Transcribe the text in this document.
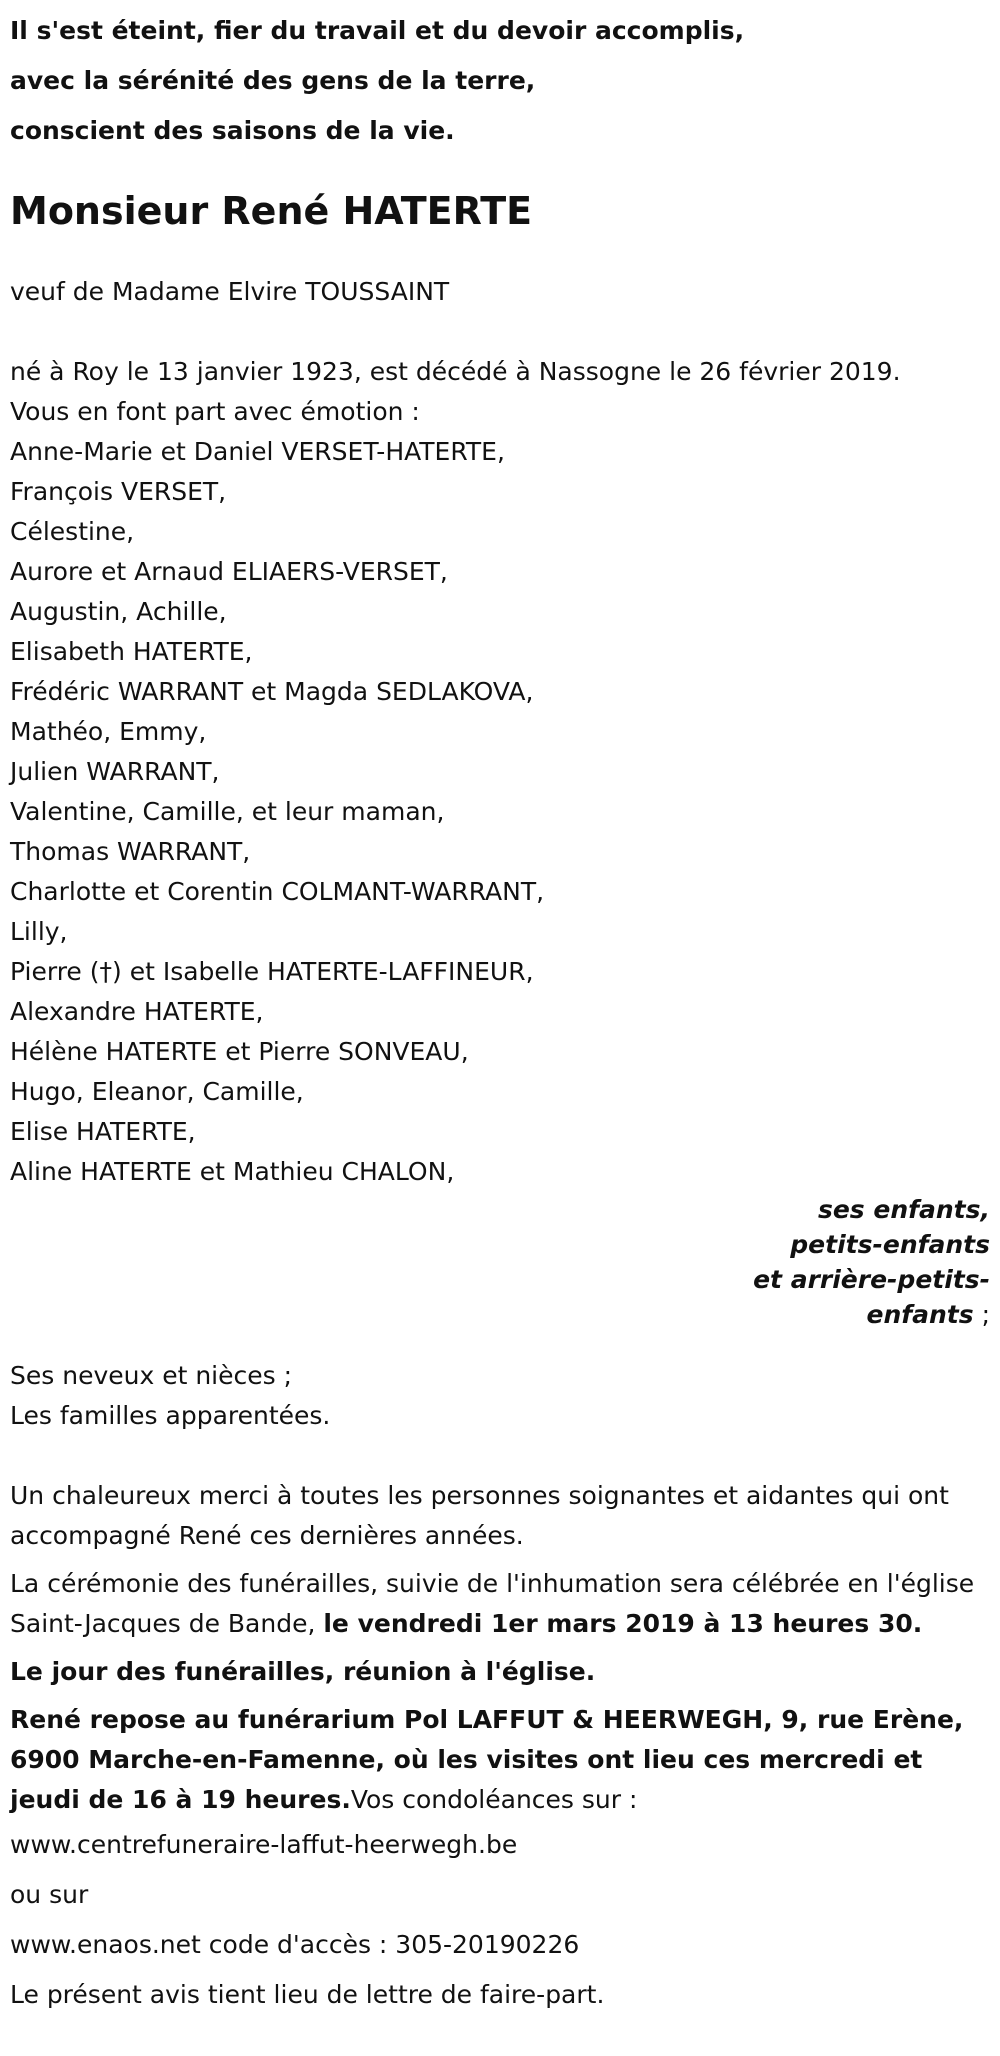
Il s'est éteint, fier du travail et du devoir accomplis,
avec la sérénité des gens de la terre,
conscient des saisons de la vie.
Monsieur René HATERTE
veuf de Madame Elvire TOUSSAINT
né à Roy le 13 janvier 1923, est décédé à Nassogne le 26 février 2019.
Vous en font part avec émotion :
Anne-Marie et Daniel VERSET-HATERTE,
François VERSET,
Célestine,
Aurore et Arnaud ELIAERS-VERSET,
Augustin, Achille,
Elisabeth HATERTE,
Frédéric WARRANT et Magda SEDLAKOVA,
Mathéo, Emmy,
Julien WARRANT,
Valentine, Camille, et leur maman,
Thomas WARRANT,
Charlotte et Corentin COLMANT-WARRANT,
Lilly,
Pierre (†) et Isabelle HATERTE-LAFFINEUR,
Alexandre HATERTE,
Hélène HATERTE et Pierre SONVEAU,
Hugo, Eleanor, Camille,
Elise HATERTE,
Aline HATERTE et Mathieu CHALON,
ses enfants, petits-enfants
et arrière-petits-enfants ;
Ses neveux et nièces ;
Les familles apparentées.
Un chaleureux merci à toutes les personnes soignantes et aidantes qui ont accompagné René ces dernières années.
La cérémonie des funérailles, suivie de l'inhumation sera célébrée en l'église Saint-Jacques de Bande, le vendredi 1er mars 2019 à 13 heures 30.
Le jour des funérailles, réunion à l'église.
René repose au funérarium Pol LAFFUT & HEERWEGH, 9, rue Erène, 6900 Marche-en-Famenne, où les visites ont lieu ces mercredi et jeudi de 16 à 19 heures.Vos condoléances sur :
www.centrefuneraire-laffut-heerwegh.be
ou sur
www.enaos.net code d'accès : 305-20190226
Le présent avis tient lieu de lettre de faire-part.
